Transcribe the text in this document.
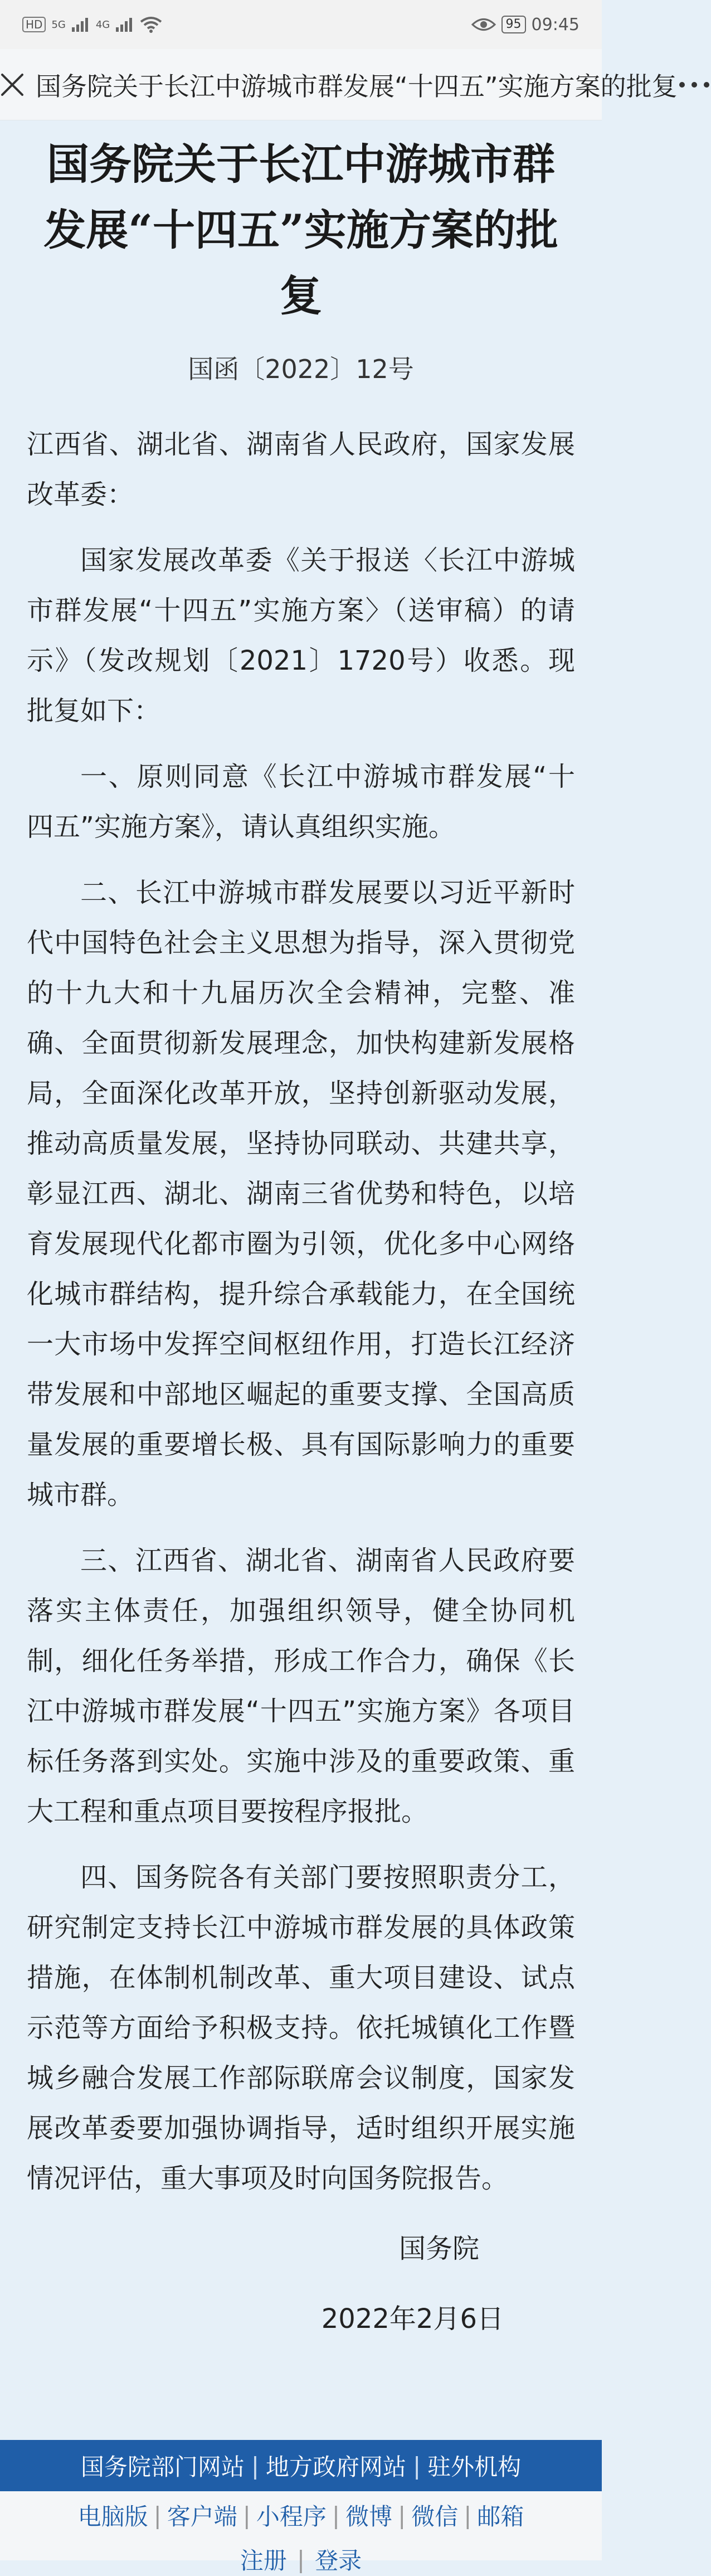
HD 5G	4G	95 09:45
国务院关于长江中游城市群发展“十四五”实施方案的批复
国务院关于长江中游城市群发展“十四五”实施方案的批复
国函〔2022〕12号
江西省、湖北省、湖南省人民政府，国家发展改革委：
国家发展改革委《关于报送〈长江中游城市群发展“十四五”实施方案〉（送审稿）的请示》（发改规划〔2021〕1720号）收悉。现批复如下：
一、原则同意《长江中游城市群发展“十四五”实施方案》，请认真组织实施。
二、长江中游城市群发展要以习近平新时代中国特色社会主义思想为指导，深入贯彻党的十九大和十九届历次全会精神，完整、准确、全面贯彻新发展理念，加快构建新发展格局，全面深化改革开放，坚持创新驱动发展，推动高质量发展，坚持协同联动、共建共享，彰显江西、湖北、湖南三省优势和特色，以培育发展现代化都市圈为引领，优化多中心网络化城市群结构，提升综合承载能力，在全国统一大市场中发挥空间枢纽作用，打造长江经济带发展和中部地区崛起的重要支撑、全国高质量发展的重要增长极、具有国际影响力的重要城市群。
三、江西省、湖北省、湖南省人民政府要落实主体责任，加强组织领导，健全协同机制，细化任务举措，形成工作合力，确保《长江中游城市群发展“十四五”实施方案》各项目标任务落到实处。实施中涉及的重要政策、重大工程和重点项目要按程序报批。
四、国务院各有关部门要按照职责分工，研究制定支持长江中游城市群发展的具体政策措施，在体制机制改革、重大项目建设、试点示范等方面给予积极支持。依托城镇化工作暨城乡融合发展工作部际联席会议制度，国家发展改革委要加强协调指导，适时组织开展实施情况评估，重大事项及时向国务院报告。
国务院
2022年2月6日
国务院部门网站 | 地方政府网站 | 驻外机构
电脑版 | 客户端 | 小程序 | 微博 | 微信 | 邮箱
注册 | 登录
